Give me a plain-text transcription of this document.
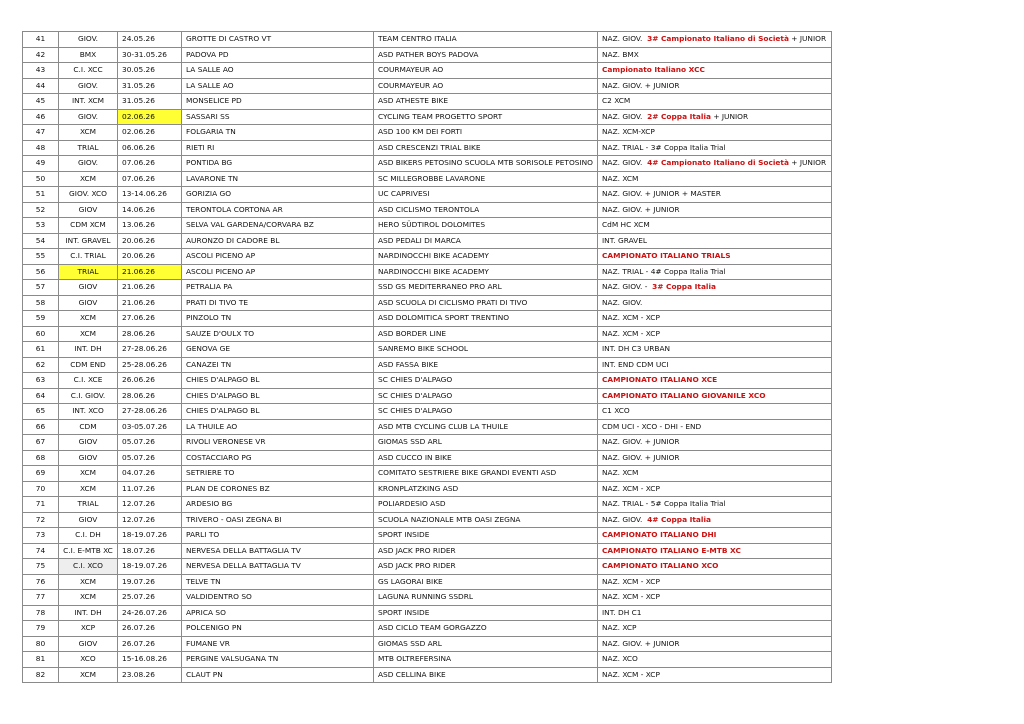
41	GIOV.	24.05.26	GROTTE DI CASTRO VT	TEAM CENTRO ITALIA	NAZ. GIOV. 3# Campionato Italiano di Società + JUNIOR
42	BMX	30-31.05.26	PADOVA PD	ASD PATHER BOYS PADOVA	NAZ. BMX
43	C.I. XCC	30.05.26	LA SALLE AO	COURMAYEUR AO	Campionato Italiano XCC
44	GIOV.	31.05.26	LA SALLE AO	COURMAYEUR AO	NAZ. GIOV. + JUNIOR
45	INT. XCM	31.05.26	MONSELICE PD	ASD ATHESTE BIKE	C2 XCM
46	GIOV.	02.06.26	SASSARI SS	CYCLING TEAM PROGETTO SPORT	NAZ. GIOV. 2# Coppa Italia + JUNIOR
47	XCM	02.06.26	FOLGARIA TN	ASD 100 KM DEI FORTI	NAZ. XCM-XCP
48	TRIAL	06.06.26	RIETI RI	ASD CRESCENZI TRIAL BIKE	NAZ. TRIAL - 3# Coppa Italia Trial
49	GIOV.	07.06.26	PONTIDA BG	ASD BIKERS PETOSINO SCUOLA MTB SORISOLE PETOSINO	NAZ. GIOV. 4# Campionato Italiano di Società + JUNIOR
50	XCM	07.06.26	LAVARONE TN	SC MILLEGROBBE LAVARONE	NAZ. XCM
51	GIOV. XCO	13-14.06.26	GORIZIA GO	UC CAPRIVESI	NAZ. GIOV. + JUNIOR + MASTER
52	GIOV	14.06.26	TERONTOLA CORTONA AR	ASD CICLISMO TERONTOLA	NAZ. GIOV. + JUNIOR
53	CDM XCM	13.06.26	SELVA VAL GARDENA/CORVARA BZ	HERO SÜDTIROL DOLOMITES	CdM HC XCM
54	INT. GRAVEL	20.06.26	AURONZO DI CADORE BL	ASD PEDALI DI MARCA	INT. GRAVEL
55	C.I. TRIAL	20.06.26	ASCOLI PICENO AP	NARDINOCCHI BIKE ACADEMY	CAMPIONATO ITALIANO TRIALS
56	TRIAL	21.06.26	ASCOLI PICENO AP	NARDINOCCHI BIKE ACADEMY	NAZ. TRIAL - 4# Coppa Italia Trial
57	GIOV	21.06.26	PETRALIA PA	SSD GS MEDITERRANEO PRO ARL	NAZ. GIOV. - 3# Coppa Italia
58	GIOV	21.06.26	PRATI DI TIVO TE	ASD SCUOLA DI CICLISMO PRATI DI TIVO	NAZ. GIOV.
59	XCM	27.06.26	PINZOLO TN	ASD DOLOMITICA SPORT TRENTINO	NAZ. XCM - XCP
60	XCM	28.06.26	SAUZE D'OULX TO	ASD BORDER LINE	NAZ. XCM - XCP
61	INT. DH	27-28.06.26	GENOVA GE	SANREMO BIKE SCHOOL	INT. DH C3 URBAN
62	CDM END	25-28.06.26	CANAZEI TN	ASD FASSA BIKE	INT. END CDM UCI
63	C.I. XCE	26.06.26	CHIES D'ALPAGO BL	SC CHIES D'ALPAGO	CAMPIONATO ITALIANO XCE
64	C.I. GIOV.	28.06.26	CHIES D'ALPAGO BL	SC CHIES D'ALPAGO	CAMPIONATO ITALIANO GIOVANILE XCO
65	INT. XCO	27-28.06.26	CHIES D'ALPAGO BL	SC CHIES D'ALPAGO	C1 XCO
66	CDM	03-05.07.26	LA THUILE AO	ASD MTB CYCLING CLUB LA THUILE	CDM UCI - XCO - DHI - END
67	GIOV	05.07.26	RIVOLI VERONESE VR	GIOMAS SSD ARL	NAZ. GIOV. + JUNIOR
68	GIOV	05.07.26	COSTACCIARO PG	ASD CUCCO IN BIKE	NAZ. GIOV. + JUNIOR
69	XCM	04.07.26	SETRIERE TO	COMITATO SESTRIERE BIKE GRANDI EVENTI ASD	NAZ. XCM
70	XCM	11.07.26	PLAN DE CORONES BZ	KRONPLATZKING ASD	NAZ. XCM - XCP
71	TRIAL	12.07.26	ARDESIO BG	POLIARDESIO ASD	NAZ. TRIAL - 5# Coppa Italia Trial
72	GIOV	12.07.26	TRIVERO - OASI ZEGNA BI	SCUOLA NAZIONALE MTB OASI ZEGNA	NAZ. GIOV. 4# Coppa Italia
73	C.I. DH	18-19.07.26	PARLI TO	SPORT INSIDE	CAMPIONATO ITALIANO DHI
74	C.I. E-MTB XC	18.07.26	NERVESA DELLA BATTAGLIA TV	ASD JACK PRO RIDER	CAMPIONATO ITALIANO E-MTB XC
75	C.I. XCO	18-19.07.26	NERVESA DELLA BATTAGLIA TV	ASD JACK PRO RIDER	CAMPIONATO ITALIANO XCO
76	XCM	19.07.26	TELVE TN	GS LAGORAI BIKE	NAZ. XCM - XCP
77	XCM	25.07.26	VALDIDENTRO SO	LAGUNA RUNNING SSDRL	NAZ. XCM - XCP
78	INT. DH	24-26.07.26	APRICA SO	SPORT INSIDE	INT. DH C1
79	XCP	26.07.26	POLCENIGO PN	ASD CICLO TEAM GORGAZZO	NAZ. XCP
80	GIOV	26.07.26	FUMANE VR	GIOMAS SSD ARL	NAZ. GIOV. + JUNIOR
81	XCO	15-16.08.26	PERGINE VALSUGANA TN	MTB OLTREFERSINA	NAZ. XCO
82	XCM	23.08.26	CLAUT PN	ASD CELLINA BIKE	NAZ. XCM - XCP
